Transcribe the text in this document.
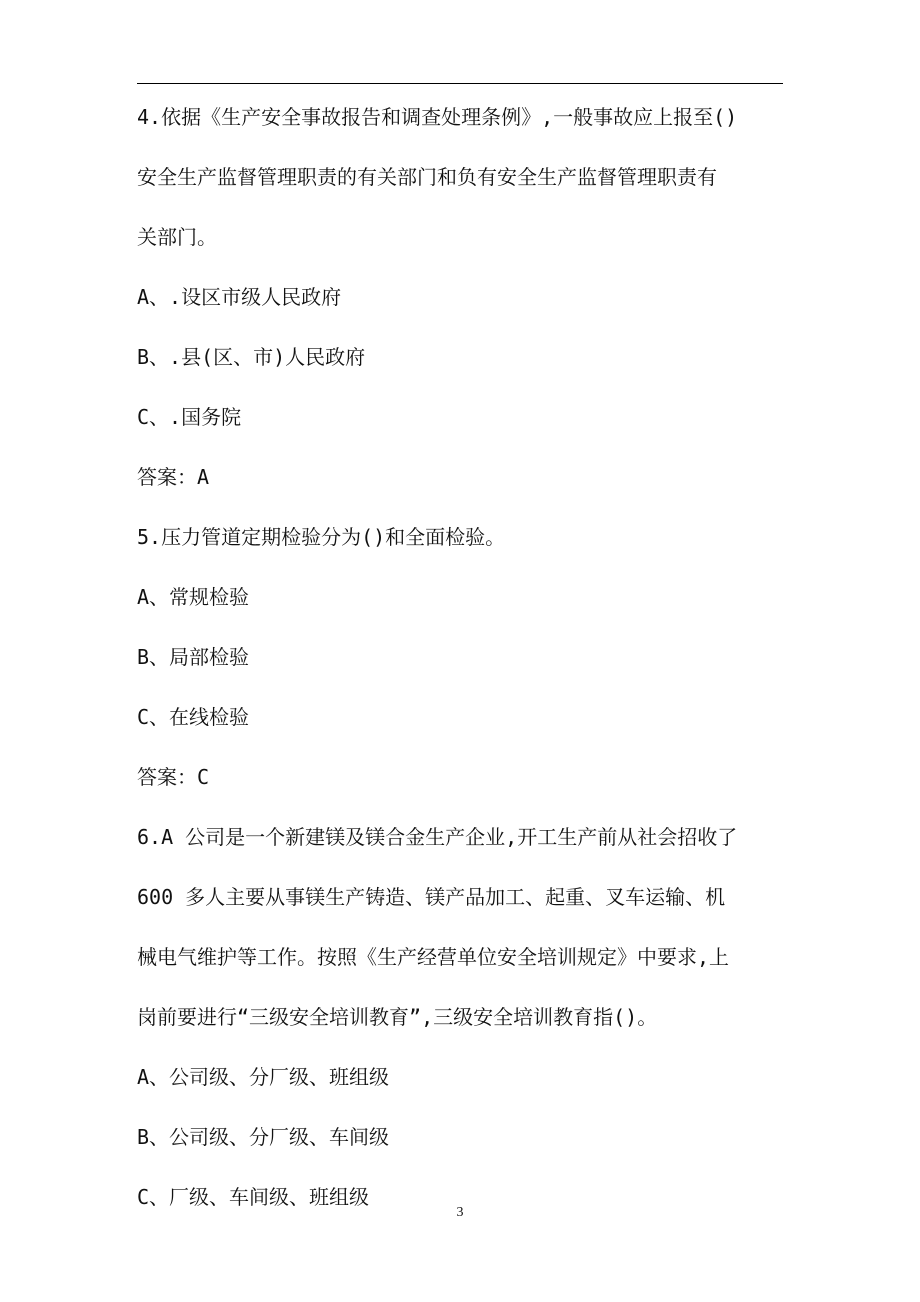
4.依据《生产安全事故报告和调查处理条例》,一般事故应上报至()
安全生产监督管理职责的有关部门和负有安全生产监督管理职责有
关部门。
A、.设区市级人民政府
B、.县(区、市)人民政府
C、.国务院
答案：A
5.压力管道定期检验分为()和全面检验。
A、常规检验
B、局部检验
C、在线检验
答案：C
6.A 公司是一个新建镁及镁合金生产企业,开工生产前从社会招收了
600 多人主要从事镁生产铸造、镁产品加工、起重、叉车运输、机
械电气维护等工作。按照《生产经营单位安全培训规定》中要求,上
岗前要进行“三级安全培训教育”,三级安全培训教育指()。
A、公司级、分厂级、班组级
B、公司级、分厂级、车间级
C、厂级、车间级、班组级
3
